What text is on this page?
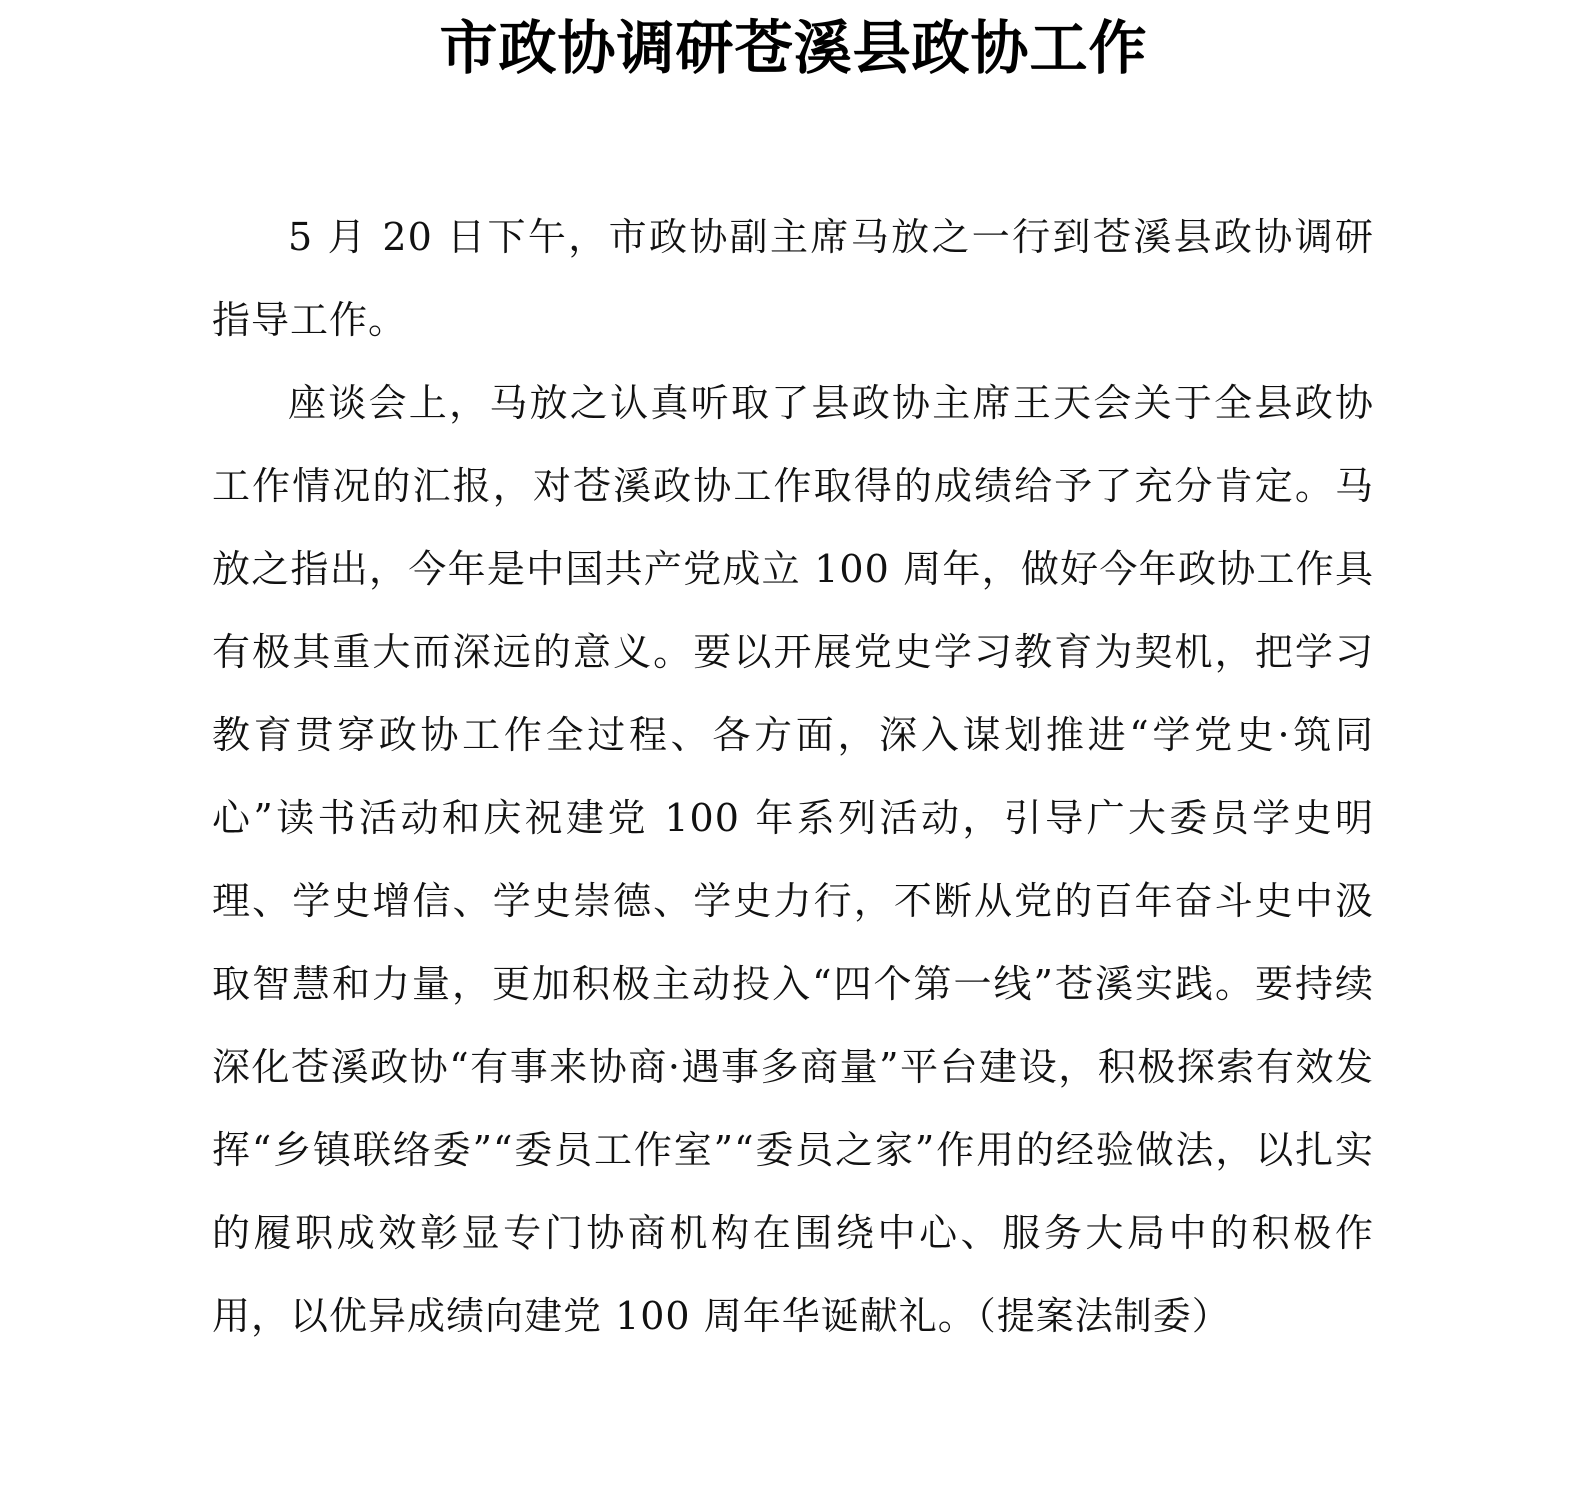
市政协调研苍溪县政协工作

5 月 20 日下午，市政协副主席马放之一行到苍溪县政协调研指导工作。

座谈会上，马放之认真听取了县政协主席王天会关于全县政协工作情况的汇报，对苍溪政协工作取得的成绩给予了充分肯定。马放之指出，今年是中国共产党成立 100 周年，做好今年政协工作具有极其重大而深远的意义。要以开展党史学习教育为契机，把学习教育贯穿政协工作全过程、各方面，深入谋划推进“学党史·筑同心”读书活动和庆祝建党 100 年系列活动，引导广大委员学史明理、学史增信、学史崇德、学史力行，不断从党的百年奋斗史中汲取智慧和力量，更加积极主动投入“四个第一线”苍溪实践。要持续深化苍溪政协“有事来协商·遇事多商量”平台建设，积极探索有效发挥“乡镇联络委”“委员工作室”“委员之家”作用的经验做法，以扎实的履职成效彰显专门协商机构在围绕中心、服务大局中的积极作用，以优异成绩向建党 100 周年华诞献礼。（提案法制委）
